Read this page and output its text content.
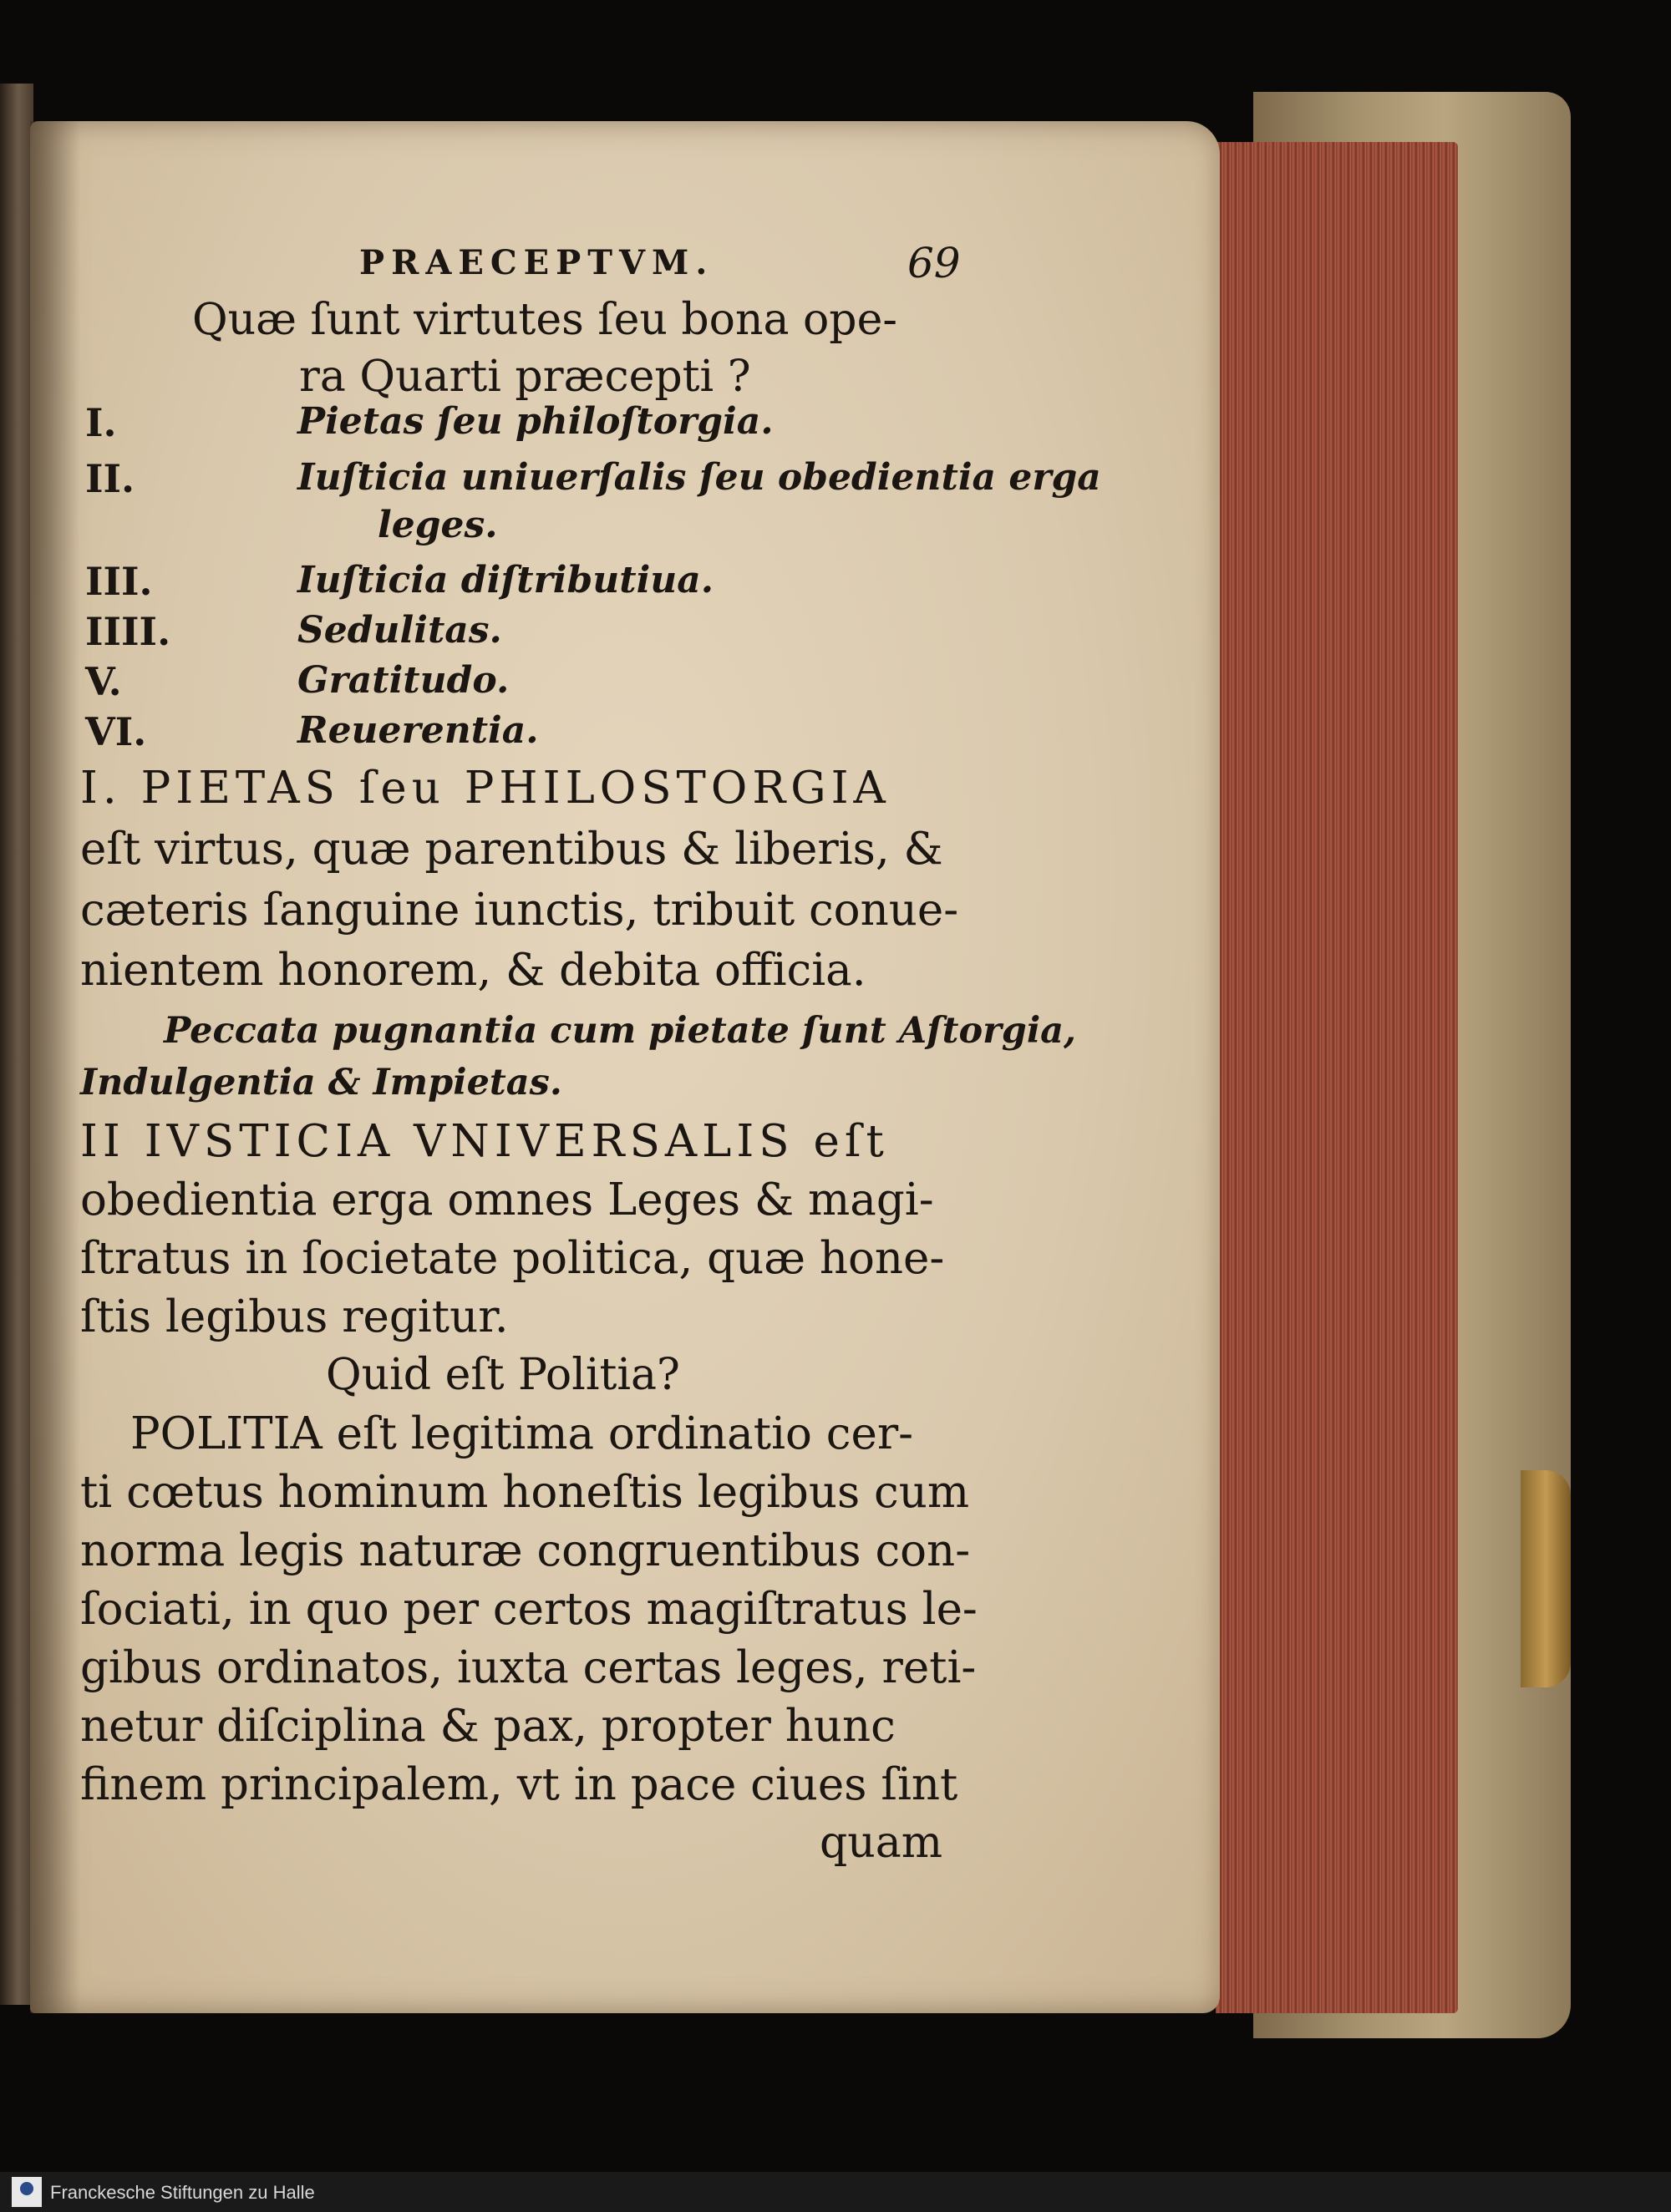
PRAECEPTVM.	69
Quæ ſunt virtutes ſeu bona ope-
ra Quarti præcepti ?
I.	Pietas ſeu philoſtorgia.
II.	Iuſticia uniuerſalis ſeu obedientia erga
leges.
III.	Iuſticia diſtributiua.
IIII.	Sedulitas.
V.	Gratitudo.
VI.	Reuerentia.
I. PIETAS ſeu PHILOSTORGIA
eſt virtus, quæ parentibus & liberis, &
cæteris ſanguine iunctis, tribuit conue-
nientem honorem, & debita officia.
Peccata pugnantia cum pietate ſunt Aſtorgia,
Indulgentia & Impietas.
II IVSTICIA VNIVERSALIS eſt
obedientia erga omnes Leges & magi-
ſtratus in ſocietate politica, quæ hone-
ſtis legibus regitur.
Quid eſt Politia?
POLITIA eſt legitima ordinatio cer-
ti cœtus hominum honeſtis legibus cum
norma legis naturæ congruentibus con-
ſociati, in quo per certos magiſtratus le-
gibus ordinatos, iuxta certas leges, reti-
netur diſciplina & pax, propter hunc
finem principalem, vt in pace ciues ſint
quam
Franckesche Stiftungen zu Halle
